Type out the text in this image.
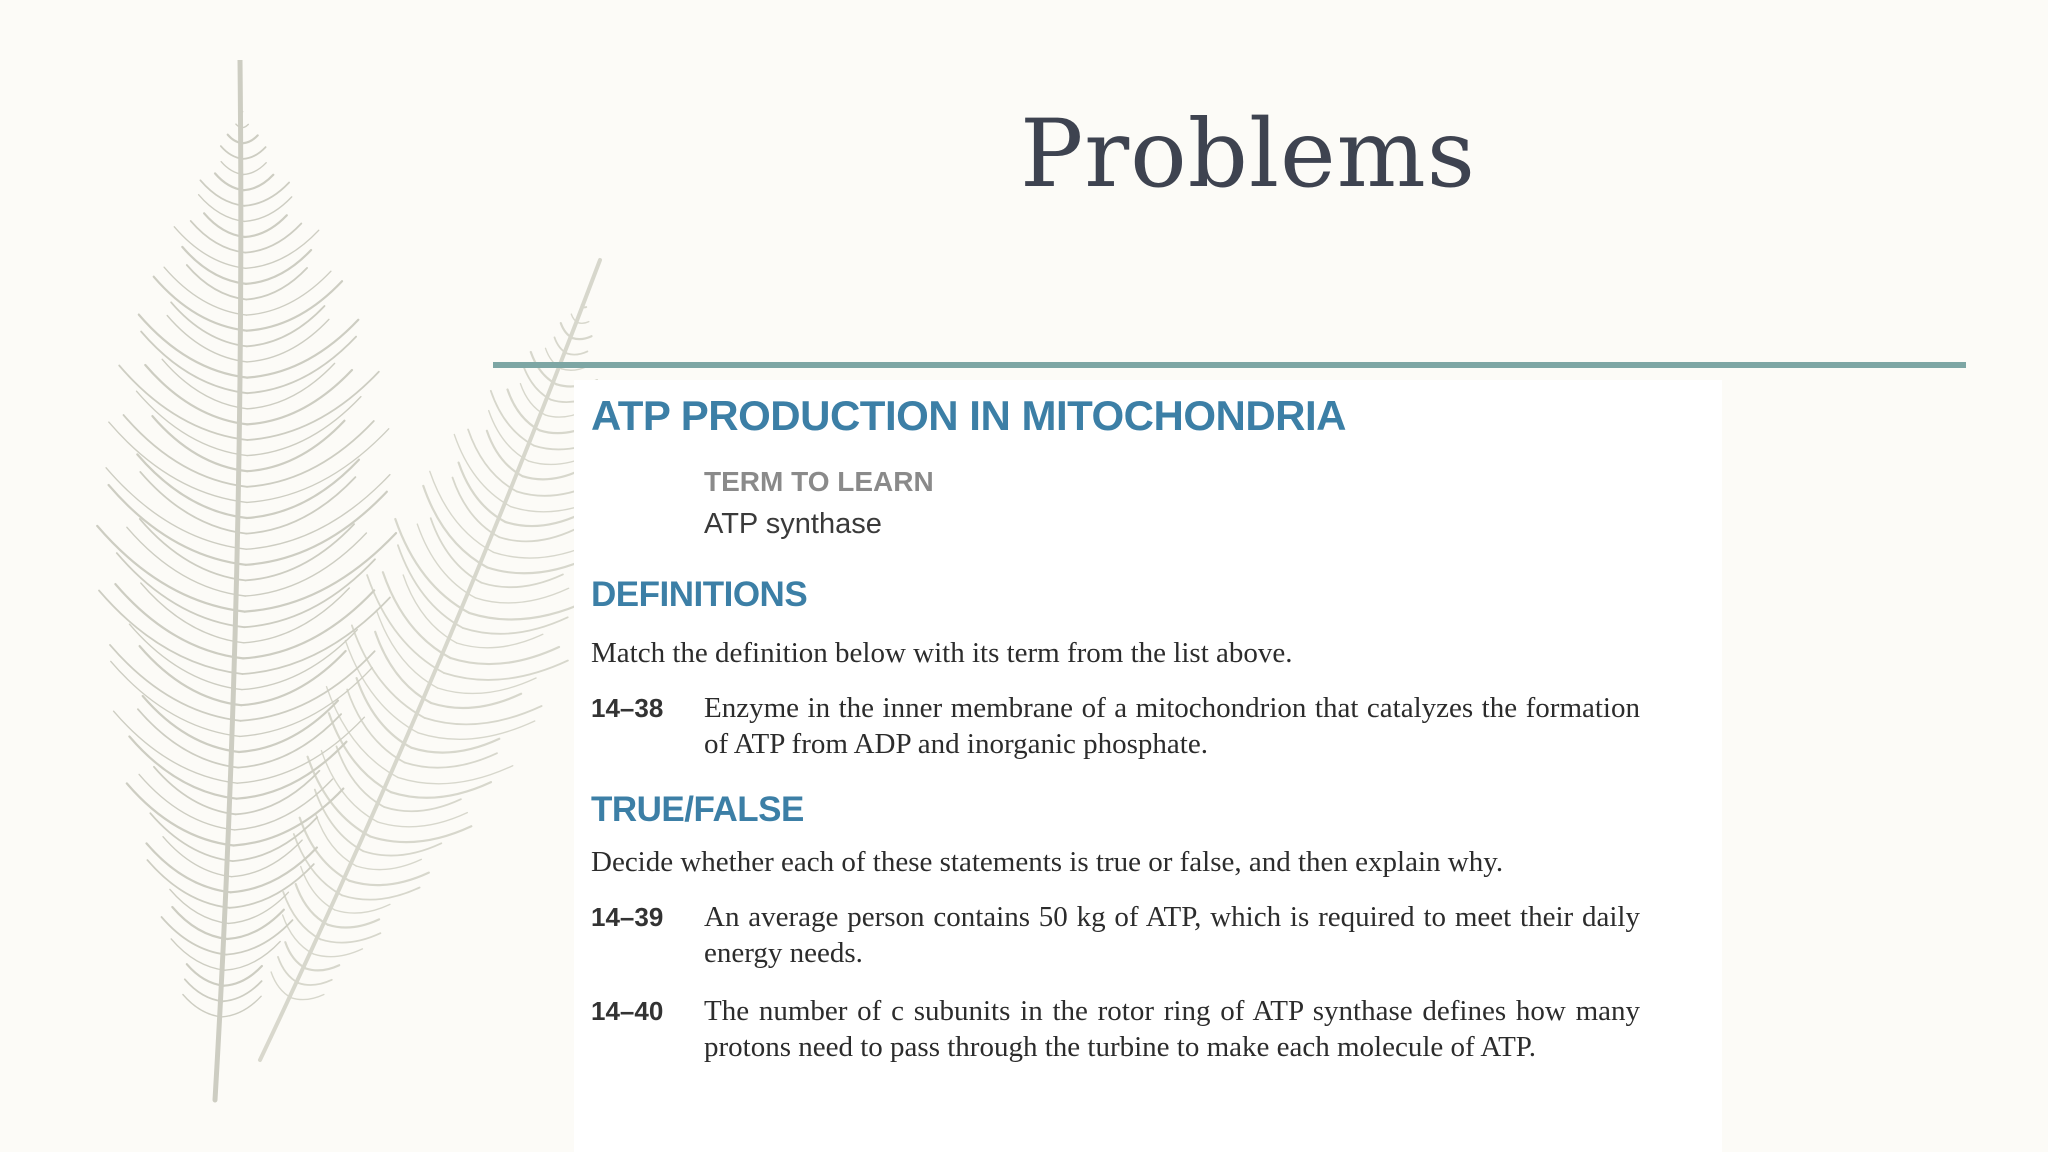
Problems
ATP PRODUCTION IN MITOCHONDRIA
TERM TO LEARN
ATP synthase
DEFINITIONS
Match the definition below with its term from the list above.
14–38	Enzyme in the inner membrane of a mitochondrion that catalyzes the formation of ATP from ADP and inorganic phosphate.
TRUE/FALSE
Decide whether each of these statements is true or false, and then explain why.
14–39	An average person contains 50 kg of ATP, which is required to meet their daily energy needs.
14–40	The number of c subunits in the rotor ring of ATP synthase defines how many protons need to pass through the turbine to make each molecule of ATP.
